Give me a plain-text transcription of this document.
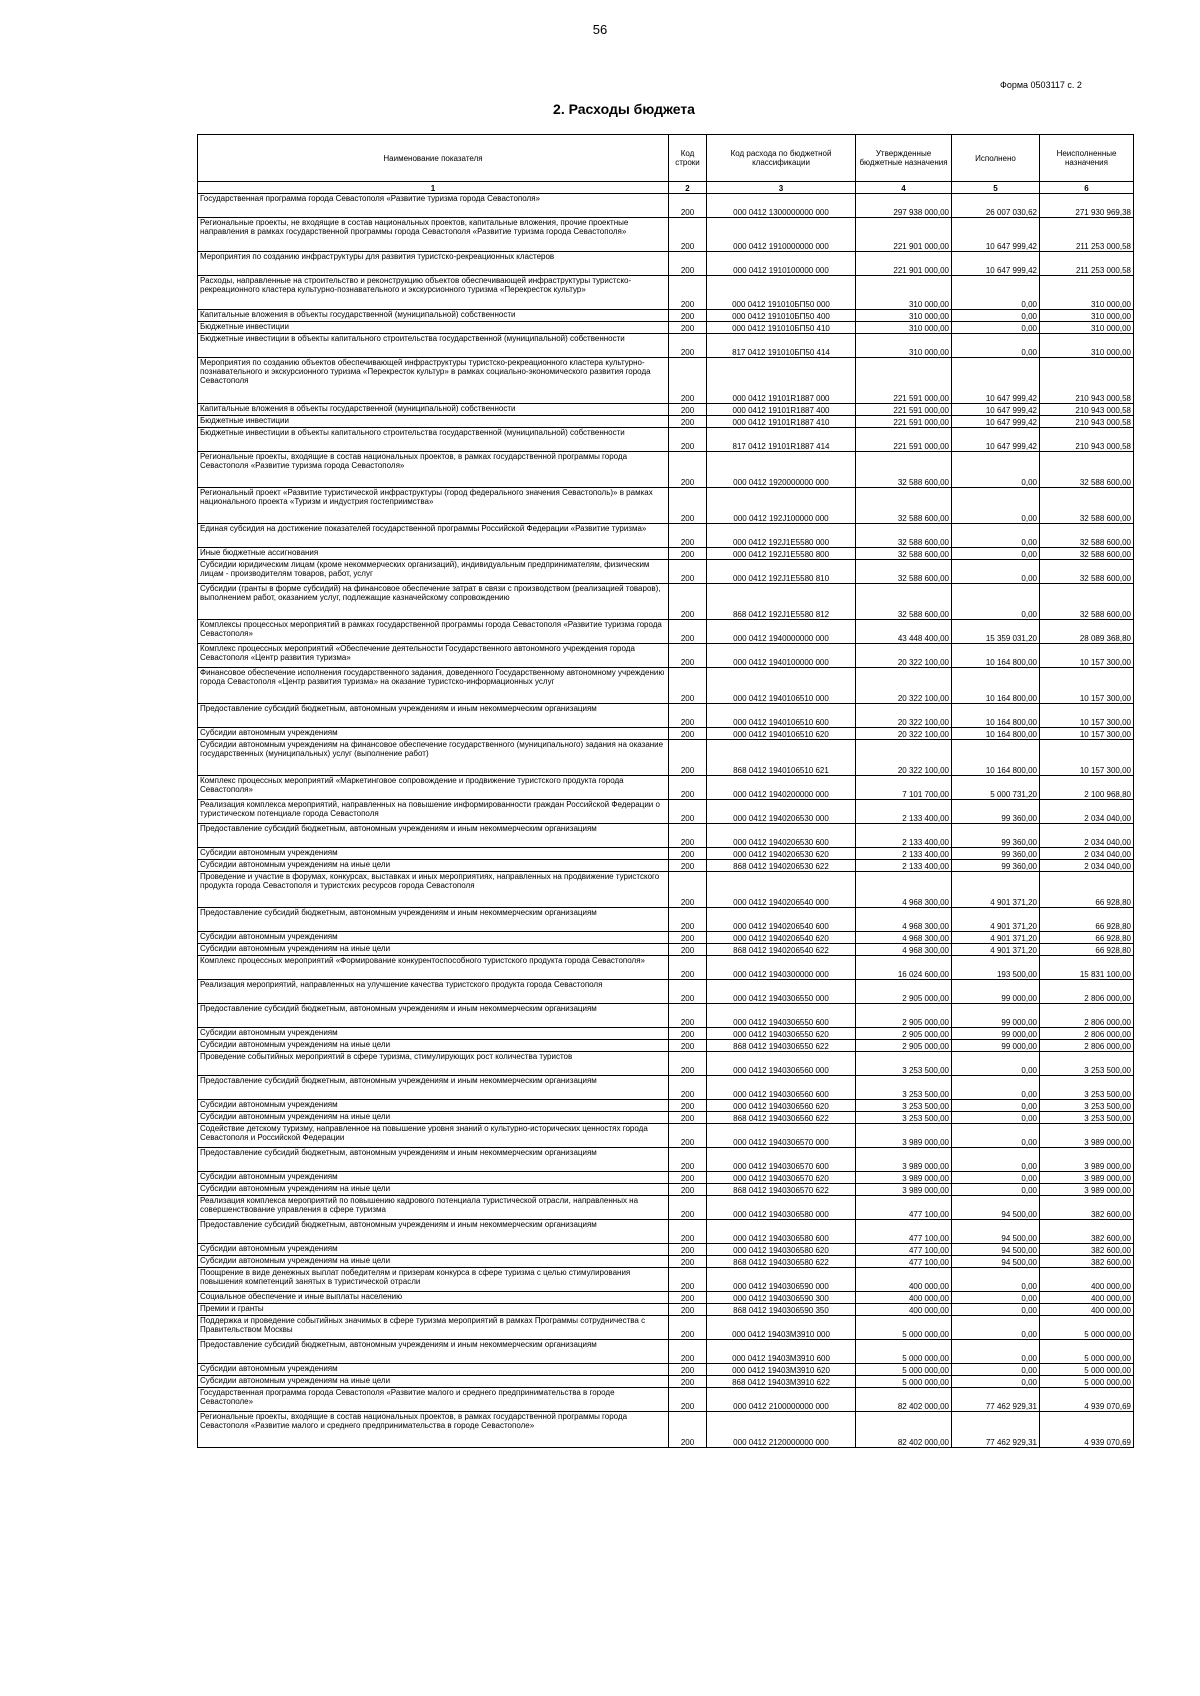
56
Форма 0503117 с. 2
2. Расходы бюджета
Наименование показателя	Код строки	Код расхода по бюджетной классификации	Утвержденные бюджетные назначения	Исполнено	Неисполненные назначения
1	2	3	4	5	6
Государственная программа города Севастополя «Развитие туризма города Севастополя»	200	000 0412 1300000000 000	297 938 000,00	26 007 030,62	271 930 969,38
Региональные проекты, не входящие в состав национальных проектов, капитальные вложения, прочие проектные направления в рамках государственной программы города Севастополя «Развитие туризма города Севастополя»	200	000 0412 1910000000 000	221 901 000,00	10 647 999,42	211 253 000,58
Мероприятия по созданию инфраструктуры для развития туристско-рекреационных кластеров	200	000 0412 1910100000 000	221 901 000,00	10 647 999,42	211 253 000,58
Расходы, направленные на строительство и реконструкцию объектов обеспечивающей инфраструктуры туристско-рекреационного кластера культурно-познавательного и экскурсионного туризма «Перекресток культур»	200	000 0412 191010БП50 000	310 000,00	0,00	310 000,00
Капитальные вложения в объекты государственной (муниципальной) собственности	200	000 0412 191010БП50 400	310 000,00	0,00	310 000,00
Бюджетные инвестиции	200	000 0412 191010БП50 410	310 000,00	0,00	310 000,00
Бюджетные инвестиции в объекты капитального строительства государственной (муниципальной) собственности	200	817 0412 191010БП50 414	310 000,00	0,00	310 000,00
Мероприятия по созданию объектов обеспечивающей инфраструктуры туристско-рекреационного кластера культурно-познавательного и экскурсионного туризма «Перекресток культур» в рамках социально-экономического развития города Севастополя	200	000 0412 19101R1887 000	221 591 000,00	10 647 999,42	210 943 000,58
Капитальные вложения в объекты государственной (муниципальной) собственности	200	000 0412 19101R1887 400	221 591 000,00	10 647 999,42	210 943 000,58
Бюджетные инвестиции	200	000 0412 19101R1887 410	221 591 000,00	10 647 999,42	210 943 000,58
Бюджетные инвестиции в объекты капитального строительства государственной (муниципальной) собственности	200	817 0412 19101R1887 414	221 591 000,00	10 647 999,42	210 943 000,58
Региональные проекты, входящие в состав национальных проектов, в рамках государственной программы города Севастополя «Развитие туризма города Севастополя»	200	000 0412 1920000000 000	32 588 600,00	0,00	32 588 600,00
Региональный проект «Развитие туристической инфраструктуры (город федерального значения Севастополь)» в рамках национального проекта «Туризм и индустрия гостеприимства»	200	000 0412 192J100000 000	32 588 600,00	0,00	32 588 600,00
Единая субсидия на достижение показателей государственной программы Российской Федерации «Развитие туризма»	200	000 0412 192J1E5580 000	32 588 600,00	0,00	32 588 600,00
Иные бюджетные ассигнования	200	000 0412 192J1E5580 800	32 588 600,00	0,00	32 588 600,00
Субсидии юридическим лицам (кроме некоммерческих организаций), индивидуальным предпринимателям, физическим лицам - производителям товаров, работ, услуг	200	000 0412 192J1E5580 810	32 588 600,00	0,00	32 588 600,00
Субсидии (гранты в форме субсидий) на финансовое обеспечение затрат в связи с производством (реализацией товаров), выполнением работ, оказанием услуг, подлежащие казначейскому сопровождению	200	868 0412 192J1E5580 812	32 588 600,00	0,00	32 588 600,00
Комплексы процессных мероприятий в рамках государственной программы города Севастополя «Развитие туризма города Севастополя»	200	000 0412 1940000000 000	43 448 400,00	15 359 031,20	28 089 368,80
Комплекс процессных мероприятий «Обеспечение деятельности Государственного автономного учреждения города Севастополя «Центр развития туризма»	200	000 0412 1940100000 000	20 322 100,00	10 164 800,00	10 157 300,00
Финансовое обеспечение исполнения государственного задания, доведенного Государственному автономному учреждению города Севастополя «Центр развития туризма» на оказание туристско-информационных услуг	200	000 0412 1940106510 000	20 322 100,00	10 164 800,00	10 157 300,00
Предоставление субсидий бюджетным, автономным учреждениям и иным некоммерческим организациям	200	000 0412 1940106510 600	20 322 100,00	10 164 800,00	10 157 300,00
Субсидии автономным учреждениям	200	000 0412 1940106510 620	20 322 100,00	10 164 800,00	10 157 300,00
Субсидии автономным учреждениям на финансовое обеспечение государственного (муниципального) задания на оказание государственных (муниципальных) услуг (выполнение работ)	200	868 0412 1940106510 621	20 322 100,00	10 164 800,00	10 157 300,00
Комплекс процессных мероприятий «Маркетинговое сопровождение и продвижение туристского продукта города Севастополя»	200	000 0412 1940200000 000	7 101 700,00	5 000 731,20	2 100 968,80
Реализация комплекса мероприятий, направленных на повышение информированности граждан Российской Федерации о туристическом потенциале города Севастополя	200	000 0412 1940206530 000	2 133 400,00	99 360,00	2 034 040,00
Предоставление субсидий бюджетным, автономным учреждениям и иным некоммерческим организациям	200	000 0412 1940206530 600	2 133 400,00	99 360,00	2 034 040,00
Субсидии автономным учреждениям	200	000 0412 1940206530 620	2 133 400,00	99 360,00	2 034 040,00
Субсидии автономным учреждениям на иные цели	200	868 0412 1940206530 622	2 133 400,00	99 360,00	2 034 040,00
Проведение и участие в форумах, конкурсах, выставках и иных мероприятиях, направленных на продвижение туристского продукта города Севастополя и туристских ресурсов города Севастополя	200	000 0412 1940206540 000	4 968 300,00	4 901 371,20	66 928,80
Предоставление субсидий бюджетным, автономным учреждениям и иным некоммерческим организациям	200	000 0412 1940206540 600	4 968 300,00	4 901 371,20	66 928,80
Субсидии автономным учреждениям	200	000 0412 1940206540 620	4 968 300,00	4 901 371,20	66 928,80
Субсидии автономным учреждениям на иные цели	200	868 0412 1940206540 622	4 968 300,00	4 901 371,20	66 928,80
Комплекс процессных мероприятий «Формирование конкурентоспособного туристского продукта города Севастополя»	200	000 0412 1940300000 000	16 024 600,00	193 500,00	15 831 100,00
Реализация мероприятий, направленных на улучшение качества туристского продукта города Севастополя	200	000 0412 1940306550 000	2 905 000,00	99 000,00	2 806 000,00
Предоставление субсидий бюджетным, автономным учреждениям и иным некоммерческим организациям	200	000 0412 1940306550 600	2 905 000,00	99 000,00	2 806 000,00
Субсидии автономным учреждениям	200	000 0412 1940306550 620	2 905 000,00	99 000,00	2 806 000,00
Субсидии автономным учреждениям на иные цели	200	868 0412 1940306550 622	2 905 000,00	99 000,00	2 806 000,00
Проведение событийных мероприятий в сфере туризма, стимулирующих рост количества туристов	200	000 0412 1940306560 000	3 253 500,00	0,00	3 253 500,00
Предоставление субсидий бюджетным, автономным учреждениям и иным некоммерческим организациям	200	000 0412 1940306560 600	3 253 500,00	0,00	3 253 500,00
Субсидии автономным учреждениям	200	000 0412 1940306560 620	3 253 500,00	0,00	3 253 500,00
Субсидии автономным учреждениям на иные цели	200	868 0412 1940306560 622	3 253 500,00	0,00	3 253 500,00
Содействие детскому туризму, направленное на повышение уровня знаний о культурно-исторических ценностях города Севастополя и Российской Федерации	200	000 0412 1940306570 000	3 989 000,00	0,00	3 989 000,00
Предоставление субсидий бюджетным, автономным учреждениям и иным некоммерческим организациям	200	000 0412 1940306570 600	3 989 000,00	0,00	3 989 000,00
Субсидии автономным учреждениям	200	000 0412 1940306570 620	3 989 000,00	0,00	3 989 000,00
Субсидии автономным учреждениям на иные цели	200	868 0412 1940306570 622	3 989 000,00	0,00	3 989 000,00
Реализация комплекса мероприятий по повышению кадрового потенциала туристической отрасли, направленных на совершенствование управления в сфере туризма	200	000 0412 1940306580 000	477 100,00	94 500,00	382 600,00
Предоставление субсидий бюджетным, автономным учреждениям и иным некоммерческим организациям	200	000 0412 1940306580 600	477 100,00	94 500,00	382 600,00
Субсидии автономным учреждениям	200	000 0412 1940306580 620	477 100,00	94 500,00	382 600,00
Субсидии автономным учреждениям на иные цели	200	868 0412 1940306580 622	477 100,00	94 500,00	382 600,00
Поощрение в виде денежных выплат победителям и призерам конкурса в сфере туризма с целью стимулирования повышения компетенций занятых в туристической отрасли	200	000 0412 1940306590 000	400 000,00	0,00	400 000,00
Социальное обеспечение и иные выплаты населению	200	000 0412 1940306590 300	400 000,00	0,00	400 000,00
Премии и гранты	200	868 0412 1940306590 350	400 000,00	0,00	400 000,00
Поддержка и проведение событийных значимых в сфере туризма мероприятий в рамках Программы сотрудничества с Правительством Москвы	200	000 0412 19403М3910 000	5 000 000,00	0,00	5 000 000,00
Предоставление субсидий бюджетным, автономным учреждениям и иным некоммерческим организациям	200	000 0412 19403М3910 600	5 000 000,00	0,00	5 000 000,00
Субсидии автономным учреждениям	200	000 0412 19403М3910 620	5 000 000,00	0,00	5 000 000,00
Субсидии автономным учреждениям на иные цели	200	868 0412 19403М3910 622	5 000 000,00	0,00	5 000 000,00
Государственная программа города Севастополя «Развитие малого и среднего предпринимательства в городе Севастополе»	200	000 0412 2100000000 000	82 402 000,00	77 462 929,31	4 939 070,69
Региональные проекты, входящие в состав национальных проектов, в рамках государственной программы города Севастополя «Развитие малого и среднего предпринимательства в городе Севастополе»	200	000 0412 2120000000 000	82 402 000,00	77 462 929,31	4 939 070,69
